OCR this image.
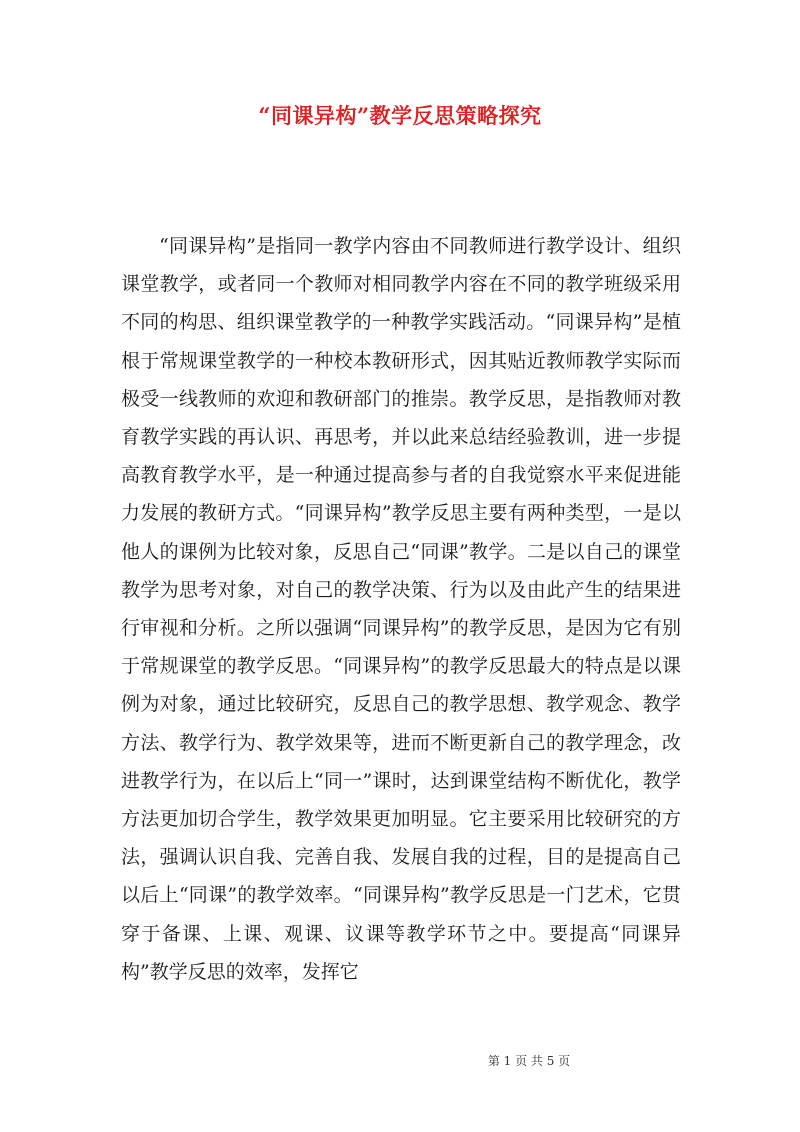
“同课异构”教学反思策略探究

“同课异构”是指同一教学内容由不同教师进行教学设计、组织课堂教学，或者同一个教师对相同教学内容在不同的教学班级采用不同的构思、组织课堂教学的一种教学实践活动。“同课异构”是植根于常规课堂教学的一种校本教研形式，因其贴近教师教学实际而极受一线教师的欢迎和教研部门的推崇。教学反思，是指教师对教育教学实践的再认识、再思考，并以此来总结经验教训，进一步提高教育教学水平，是一种通过提高参与者的自我觉察水平来促进能力发展的教研方式。“同课异构”教学反思主要有两种类型，一是以他人的课例为比较对象，反思自己“同课”教学。二是以自己的课堂教学为思考对象，对自己的教学决策、行为以及由此产生的结果进行审视和分析。之所以强调“同课异构”的教学反思，是因为它有别于常规课堂的教学反思。“同课异构”的教学反思最大的特点是以课例为对象，通过比较研究，反思自己的教学思想、教学观念、教学方法、教学行为、教学效果等，进而不断更新自己的教学理念，改进教学行为，在以后上“同一”课时，达到课堂结构不断优化，教学方法更加切合学生，教学效果更加明显。它主要采用比较研究的方法，强调认识自我、完善自我、发展自我的过程，目的是提高自己以后上“同课”的教学效率。“同课异构”教学反思是一门艺术，它贯穿于备课、上课、观课、议课等教学环节之中。要提高“同课异构”教学反思的效率，发挥它

第 1 页 共 5 页
